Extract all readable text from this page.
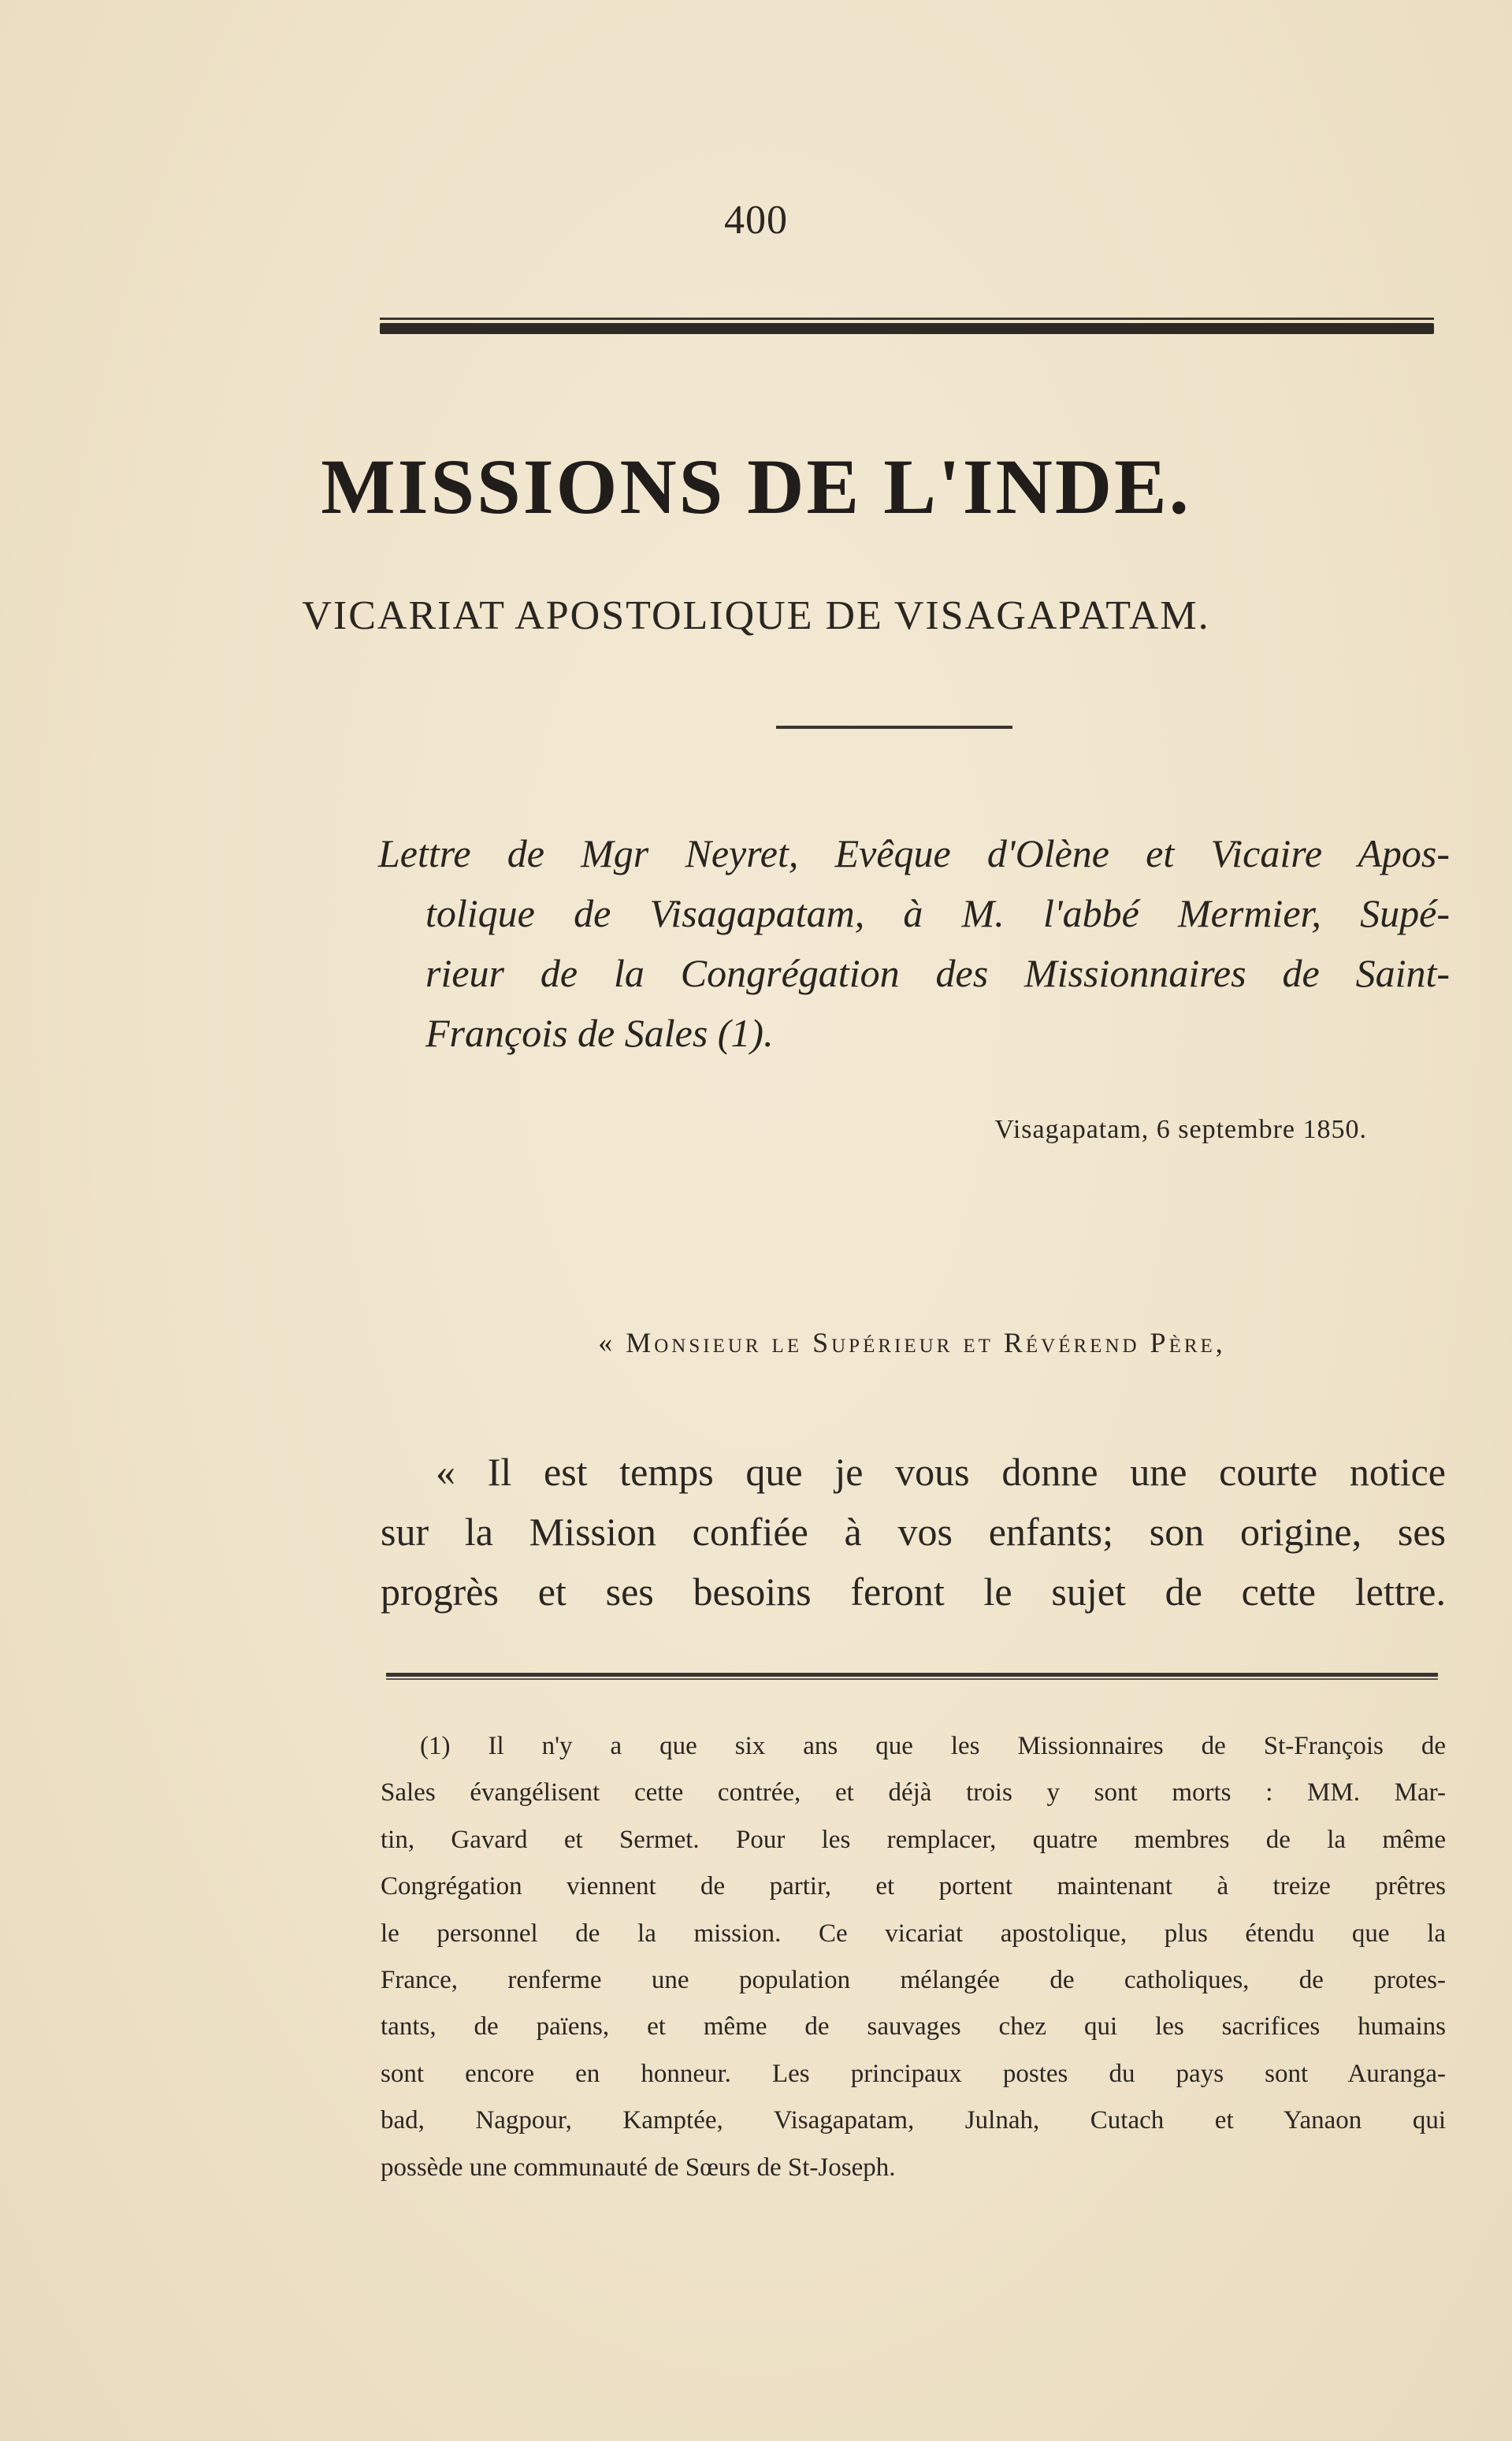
400
MISSIONS DE L'INDE.
VICARIAT APOSTOLIQUE DE VISAGAPATAM.
Lettre de Mgr Neyret, Evêque d'Olène et Vicaire Apos-
tolique de Visagapatam, à M. l'abbé Mermier, Supé-
rieur de la Congrégation des Missionnaires de Saint-
François de Sales (1).
Visagapatam, 6 septembre 1850.
« Monsieur le Supérieur et Révérend Père,
« Il est temps que je vous donne une courte notice
sur la Mission confiée à vos enfants; son origine, ses
progrès et ses besoins feront le sujet de cette lettre.
(1) Il n'y a que six ans que les Missionnaires de St-François de
Sales évangélisent cette contrée, et déjà trois y sont morts : MM. Mar-
tin, Gavard et Sermet. Pour les remplacer, quatre membres de la même
Congrégation viennent de partir, et portent maintenant à treize prêtres
le personnel de la mission. Ce vicariat apostolique, plus étendu que la
France, renferme une population mélangée de catholiques, de protes-
tants, de païens, et même de sauvages chez qui les sacrifices humains
sont encore en honneur. Les principaux postes du pays sont Auranga-
bad, Nagpour, Kamptée, Visagapatam, Julnah, Cutach et Yanaon qui
possède une communauté de Sœurs de St-Joseph.
